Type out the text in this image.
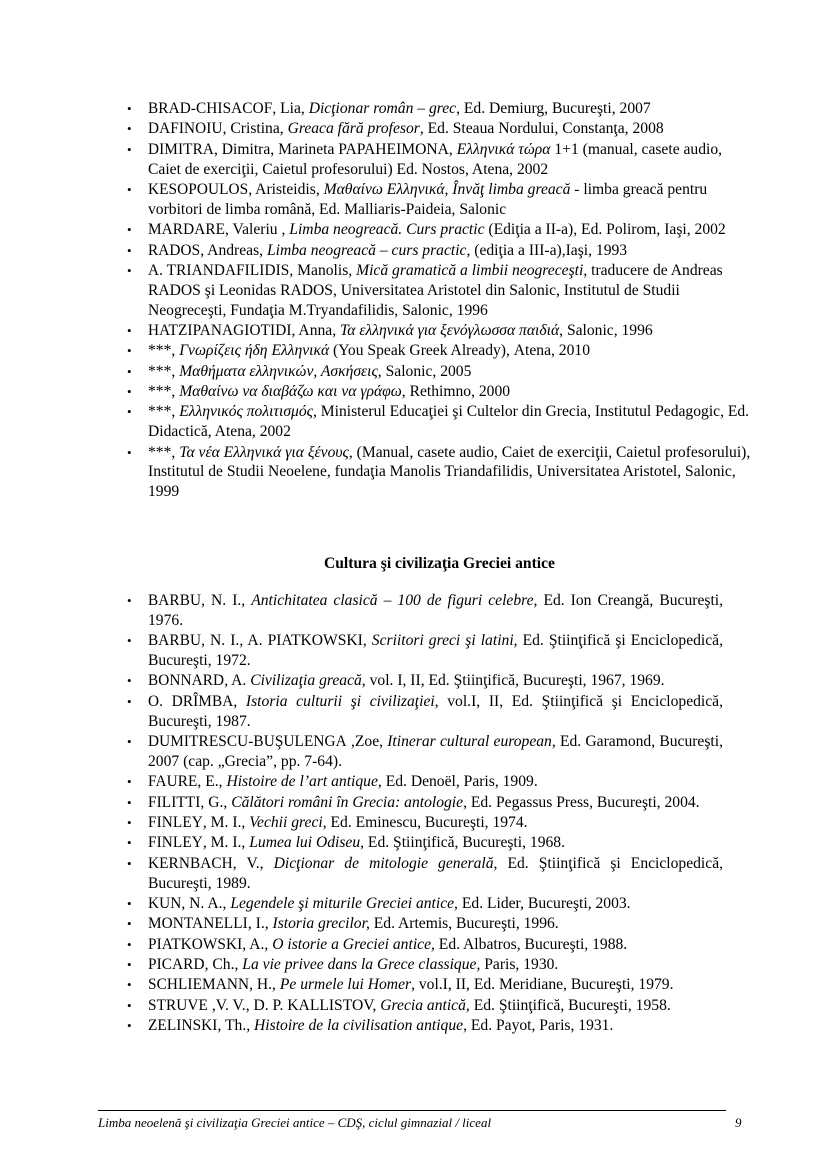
• BRAD-CHISACOF, Lia, Dicţionar român – grec, Ed. Demiurg, Bucureşti, 2007
• DAFINOIU, Cristina, Greaca fără profesor, Ed. Steaua Nordului, Constanţa, 2008
• DIMITRA, Dimitra, Marineta PAPAHEIMONA, Ελληνικά τώρα 1+1 (manual, casete audio, Caiet de exerciţii, Caietul profesorului) Ed. Nostos, Atena, 2002
• KESOPOULOS, Aristeidis, Μαθαίνω Ελληνικά, Învăţ limba greacă - limba greacă pentru vorbitori de limba română, Ed. Malliaris-Paideia, Salonic
• MARDARE, Valeriu , Limba neogreacă. Curs practic (Ediţia a II-a), Ed. Polirom, Iaşi, 2002
• RADOS, Andreas, Limba neogreacă – curs practic, (ediţia a III-a),Iaşi, 1993
• A. TRIANDAFILIDIS, Manolis, Mică gramatică a limbii neogreceşti, traducere de Andreas RADOS şi Leonidas RADOS, Universitatea Aristotel din Salonic, Institutul de Studii Neogreceşti, Fundaţia M.Tryandafilidis, Salonic, 1996
• HATZIPANAGIOTIDI, Anna, Τα ελληνικά για ξενόγλωσσα παιδιά, Salonic, 1996
• ***, Γνωρίζεις ήδη Ελληνικά (You Speak Greek Already), Atena, 2010
• ***, Μαθήματα ελληνικών, Ασκήσεις, Salonic, 2005
• ***, Μαθαίνω να διαβάζω και να γράφω, Rethimno, 2000
• ***, Ελληνικός πολιτισμός, Ministerul Educaţiei şi Cultelor din Grecia, Institutul Pedagogic, Ed. Didactică, Atena, 2002
• ***, Τα νέα Ελληνικά για ξένους, (Manual, casete audio, Caiet de exerciţii, Caietul profesorului), Institutul de Studii Neoelene, fundaţia Manolis Triandafilidis, Universitatea Aristotel, Salonic, 1999
Cultura şi civilizaţia Greciei antice
• BARBU, N. I., Antichitatea clasică – 100 de figuri celebre, Ed. Ion Creangă, Bucureşti, 1976.
• BARBU, N. I., A. PIATKOWSKI, Scriitori greci şi latini, Ed. Ştiinţifică şi Enciclopedică, Bucureşti, 1972.
• BONNARD, A. Civilizaţia greacă, vol. I, II, Ed. Ştiinţifică, Bucureşti, 1967, 1969.
• O. DRÎMBA, Istoria culturii şi civilizaţiei, vol.I, II, Ed. Ştiinţifică şi Enciclopedică, Bucureşti, 1987.
• DUMITRESCU-BUŞULENGA ,Zoe, Itinerar cultural european, Ed. Garamond, Bucureşti, 2007 (cap. „Grecia”, pp. 7-64).
• FAURE, E., Histoire de l’art antique, Ed. Denoël, Paris, 1909.
• FILITTI, G., Călători români în Grecia: antologie, Ed. Pegassus Press, Bucureşti, 2004.
• FINLEY, M. I., Vechii greci, Ed. Eminescu, Bucureşti, 1974.
• FINLEY, M. I., Lumea lui Odiseu, Ed. Ştiinţifică, Bucureşti, 1968.
• KERNBACH, V., Dicţionar de mitologie generală, Ed. Ştiinţifică şi Enciclopedică, Bucureşti, 1989.
• KUN, N. A., Legendele şi miturile Greciei antice, Ed. Lider, Bucureşti, 2003.
• MONTANELLI, I., Istoria grecilor, Ed. Artemis, Bucureşti, 1996.
• PIATKOWSKI, A., O istorie a Greciei antice, Ed. Albatros, Bucureşti, 1988.
• PICARD, Ch., La vie privee dans la Grece classique, Paris, 1930.
• SCHLIEMANN, H., Pe urmele lui Homer, vol.I, II, Ed. Meridiane, Bucureşti, 1979.
• STRUVE ,V. V., D. P. KALLISTOV, Grecia antică, Ed. Ştiinţifică, Bucureşti, 1958.
• ZELINSKI, Th., Histoire de la civilisation antique, Ed. Payot, Paris, 1931.
Limba neoelenă şi civilizaţia Greciei antice – CDŞ, ciclul gimnazial / liceal	9
